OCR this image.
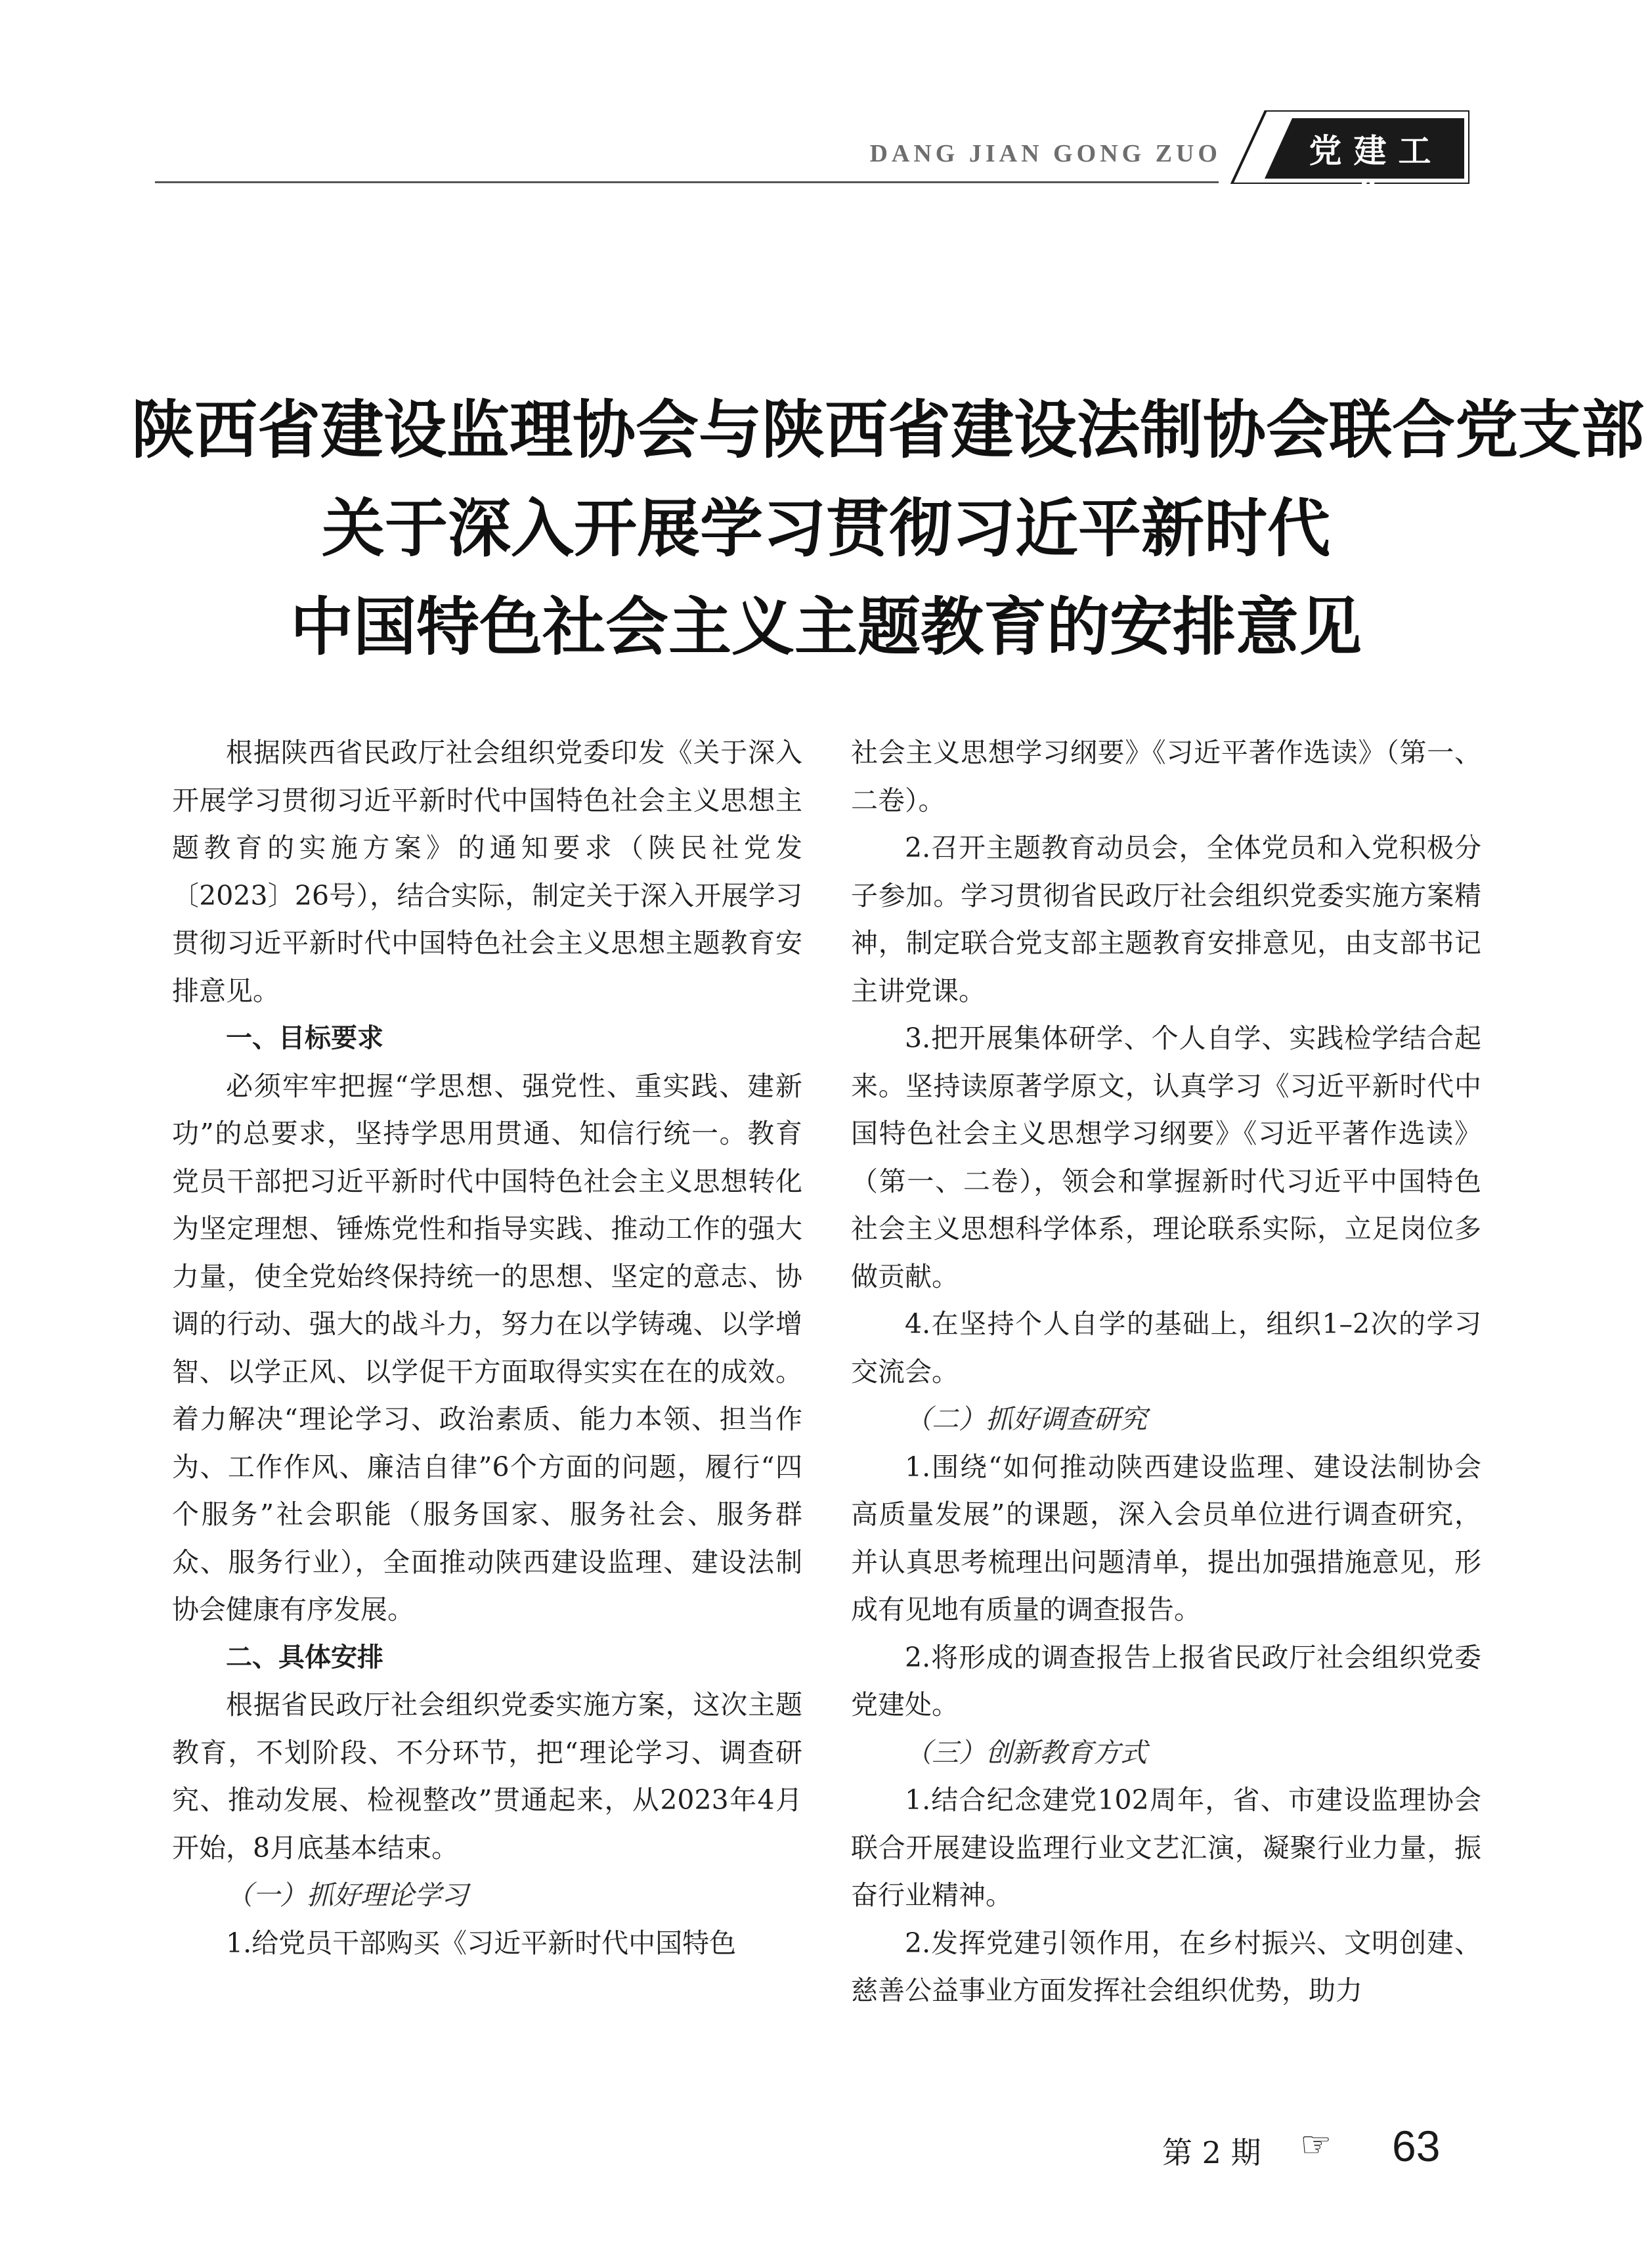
DANG JIAN GONG ZUO	党建工作
陕西省建设监理协会与陕西省建设法制协会联合党支部
关于深入开展学习贯彻习近平新时代
中国特色社会主义主题教育的安排意见

根据陕西省民政厅社会组织党委印发《关于深入开展学习贯彻习近平新时代中国特色社会主义思想主题教育的实施方案》的通知要求（陕民社党发〔2023〕26号），结合实际，制定关于深入开展学习贯彻习近平新时代中国特色社会主义思想主题教育安排意见。

一、目标要求

必须牢牢把握“学思想、强党性、重实践、建新功”的总要求，坚持学思用贯通、知信行统一。教育党员干部把习近平新时代中国特色社会主义思想转化为坚定理想、锤炼党性和指导实践、推动工作的强大力量，使全党始终保持统一的思想、坚定的意志、协调的行动、强大的战斗力，努力在以学铸魂、以学增智、以学正风、以学促干方面取得实实在在的成效。着力解决“理论学习、政治素质、能力本领、担当作为、工作作风、廉洁自律”6个方面的问题，履行“四个服务”社会职能（服务国家、服务社会、服务群众、服务行业），全面推动陕西建设监理、建设法制协会健康有序发展。

二、具体安排

根据省民政厅社会组织党委实施方案，这次主题教育，不划阶段、不分环节，把“理论学习、调查研究、推动发展、检视整改”贯通起来，从2023年4月开始，8月底基本结束。

（一）抓好理论学习

1.给党员干部购买《习近平新时代中国特色

社会主义思想学习纲要》《习近平著作选读》（第一、二卷）。

2.召开主题教育动员会，全体党员和入党积极分子参加。学习贯彻省民政厅社会组织党委实施方案精神，制定联合党支部主题教育安排意见，由支部书记主讲党课。

3.把开展集体研学、个人自学、实践检学结合起来。坚持读原著学原文，认真学习《习近平新时代中国特色社会主义思想学习纲要》《习近平著作选读》（第一、二卷），领会和掌握新时代习近平中国特色社会主义思想科学体系，理论联系实际，立足岗位多做贡献。

4.在坚持个人自学的基础上，组织1–2次的学习交流会。

（二）抓好调查研究

1.围绕“如何推动陕西建设监理、建设法制协会高质量发展”的课题，深入会员单位进行调查研究，并认真思考梳理出问题清单，提出加强措施意见，形成有见地有质量的调查报告。

2.将形成的调查报告上报省民政厅社会组织党委党建处。

（三）创新教育方式

1.结合纪念建党102周年，省、市建设监理协会联合开展建设监理行业文艺汇演，凝聚行业力量，振奋行业精神。

2.发挥党建引领作用，在乡村振兴、文明创建、慈善公益事业方面发挥社会组织优势，助力

第 2 期 ☞ 63
